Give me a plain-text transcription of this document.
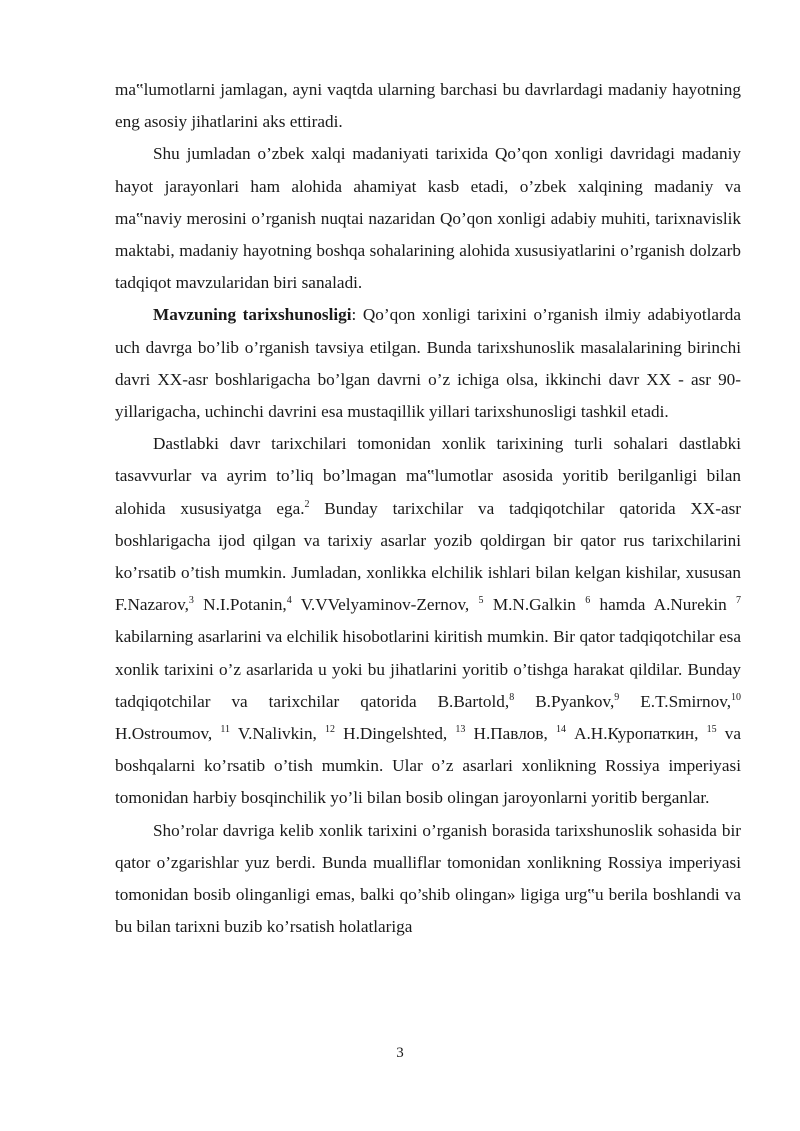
ma‟lumotlarni jamlagan, ayni vaqtda ularning barchasi bu davrlardagi madaniy hayotning eng asosiy jihatlarini aks ettiradi.

Shu jumladan o’zbek xalqi madaniyati tarixida Qo’qon xonligi davridagi madaniy hayot jarayonlari ham alohida ahamiyat kasb etadi, o’zbek xalqining madaniy va ma‟naviy merosini o’rganish nuqtai nazaridan Qo’qon xonligi adabiy muhiti, tarixnavislik maktabi, madaniy hayotning boshqa sohalarining alohida xususiyatlarini o’rganish dolzarb tadqiqot mavzularidan biri sanaladi.

Mavzuning tarixshunosligi: Qo’qon xonligi tarixini o’rganish ilmiy adabiyotlarda uch davrga bo’lib o’rganish tavsiya etilgan. Bunda tarixshunoslik masalalarining birinchi davri XX-asr boshlarigacha bo’lgan davrni o’z ichiga olsa, ikkinchi davr XX - asr 90-yillarigacha, uchinchi davrini esa mustaqillik yillari tarixshunosligi tashkil etadi.

Dastlabki davr tarixchilari tomonidan xonlik tarixining turli sohalari dastlabki tasavvurlar va ayrim to’liq bo’lmagan ma‟lumotlar asosida yoritib berilganligi bilan alohida xususiyatga ega.$^2$ Bunday tarixchilar va tadqiqotchilar qatorida XX-asr boshlarigacha ijod qilgan va tarixiy asarlar yozib qoldirgan bir qator rus tarixchilarini ko’rsatib o’tish mumkin. Jumladan, xonlikka elchilik ishlari bilan kelgan kishilar, xususan F.Nazarov,$^3$ N.I.Potanin,$^4$ V.VVelyaminov-Zernov, $^5$ M.N.Galkin $^6$ hamda A.Nurekin $^7$ kabilarning asarlarini va elchilik hisobotlarini kiritish mumkin. Bir qator tadqiqotchilar esa xonlik tarixini o’z asarlarida u yoki bu jihatlarini yoritib o’tishga harakat qildilar. Bunday tadqiqotchilar va tarixchilar qatorida B.Bartold,$^8$ B.Pyankov,$^9$ E.T.Smirnov,$^{10}$ H.Ostroumov, $^{11}$ V.Nalivkin, $^{12}$ H.Dingelshted, $^{13}$ Н.Павлов, $^{14}$ А.Н.Куропаткин, $^{15}$ va boshqalarni ko’rsatib o’tish mumkin. Ular o’z asarlari xonlikning Rossiya imperiyasi tomonidan harbiy bosqinchilik yo’li bilan bosib olingan jaroyonlarni yoritib berganlar.

Sho’rolar davriga kelib xonlik tarixini o’rganish borasida tarixshunoslik sohasida bir qator o’zgarishlar yuz berdi. Bunda mualliflar tomonidan xonlikning Rossiya imperiyasi tomonidan bosib olinganligi emas, balki qo’shib olingan» ligiga urg‟u berila boshlandi va bu bilan tarixni buzib ko’rsatish holatlariga

3
